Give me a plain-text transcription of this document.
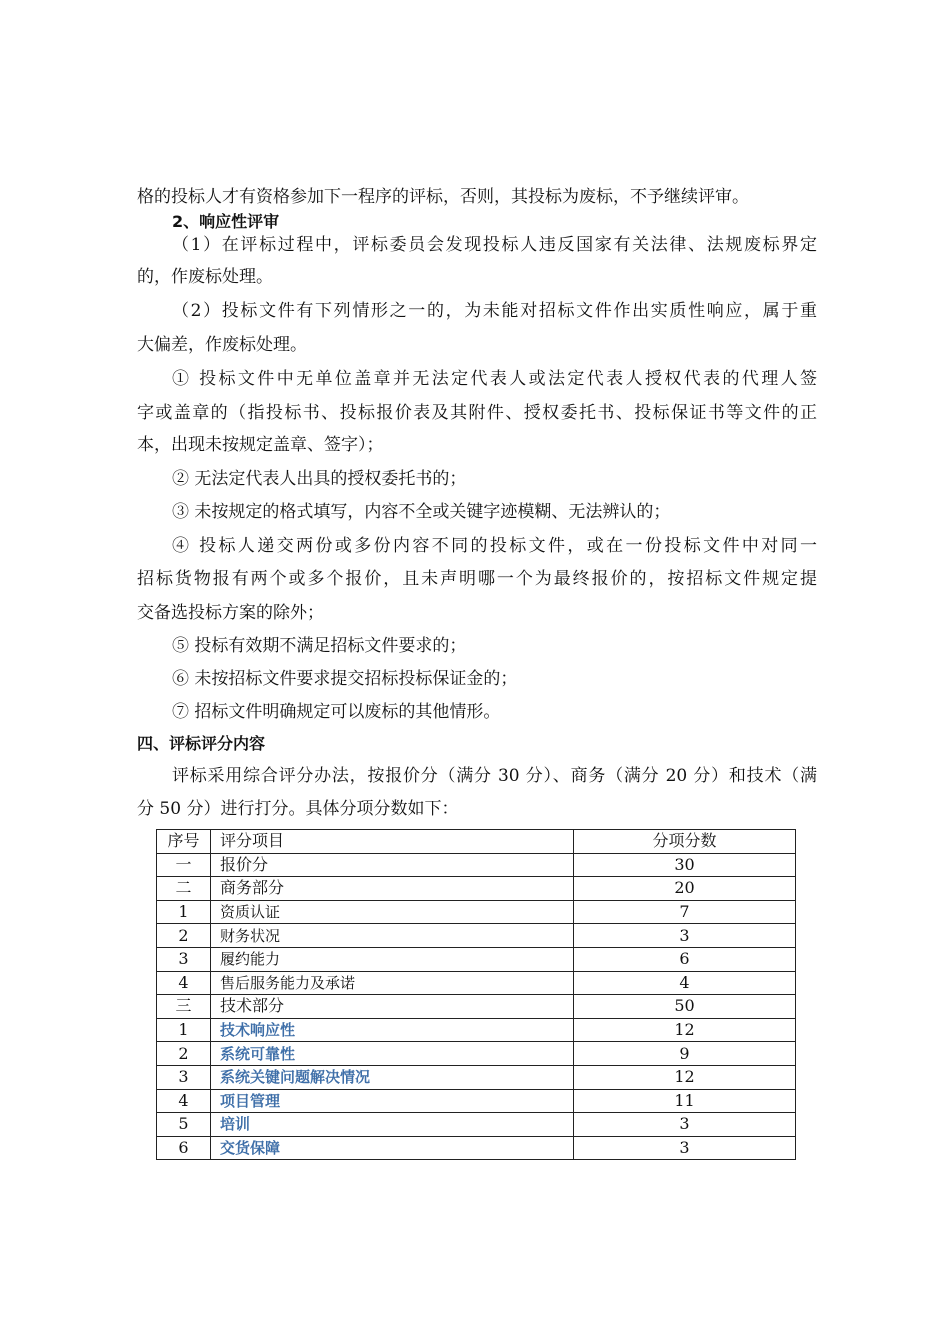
格的投标人才有资格参加下一程序的评标，否则，其投标为废标，不予继续评审。
2、响应性评审
（1）在评标过程中，评标委员会发现投标人违反国家有关法律、法规废标界定
的，作废标处理。
（2）投标文件有下列情形之一的，为未能对招标文件作出实质性响应，属于重
大偏差，作废标处理。
① 投标文件中无单位盖章并无法定代表人或法定代表人授权代表的代理人签
字或盖章的（指投标书、投标报价表及其附件、授权委托书、投标保证书等文件的正
本，出现未按规定盖章、签字）；
② 无法定代表人出具的授权委托书的；
③ 未按规定的格式填写，内容不全或关键字迹模糊、无法辨认的；
④ 投标人递交两份或多份内容不同的投标文件，或在一份投标文件中对同一
招标货物报有两个或多个报价，且未声明哪一个为最终报价的，按招标文件规定提
交备选投标方案的除外；
⑤ 投标有效期不满足招标文件要求的；
⑥ 未按招标文件要求提交招标投标保证金的；
⑦ 招标文件明确规定可以废标的其他情形。
四、评标评分内容
评标采用综合评分办法，按报价分（满分 30 分）、商务（满分 20 分）和技术（满
分 50 分）进行打分。具体分项分数如下：
序号	评分项目	分项分数
一	报价分	30
二	商务部分	20
1	资质认证	7
2	财务状况	3
3	履约能力	6
4	售后服务能力及承诺	4
三	技术部分	50
1	技术响应性	12
2	系统可靠性	9
3	系统关键问题解决情况	12
4	项目管理	11
5	培训	3
6	交货保障	3
